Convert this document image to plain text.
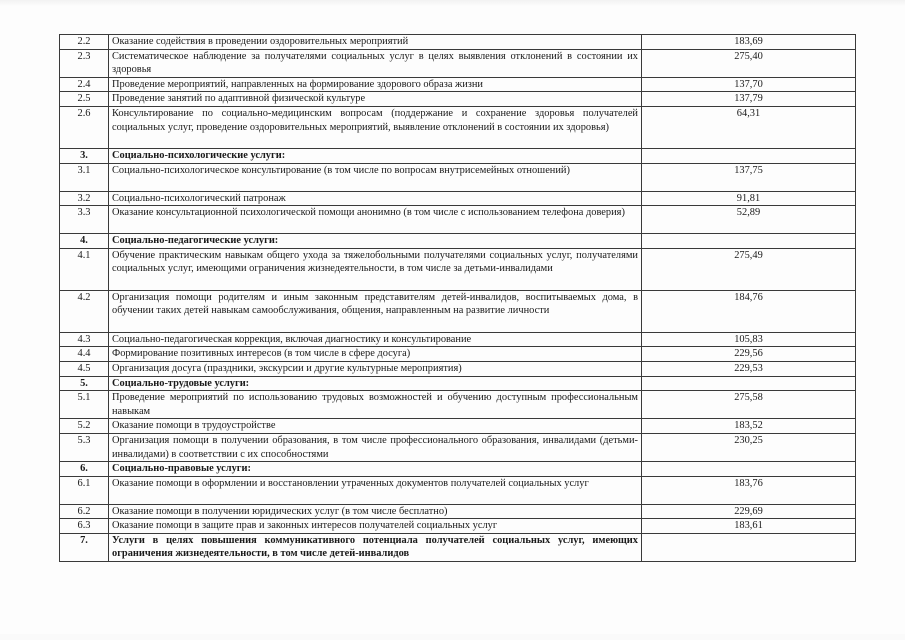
2.2	Оказание содействия в проведении оздоровительных мероприятий	183,69
2.3	Систематическое наблюдение за получателями социальных услуг в целях выявления отклонений в состоянии их здоровья	275,40
2.4	Проведение мероприятий, направленных на формирование здорового образа жизни	137,70
2.5	Проведение занятий по адаптивной физической культуре	137,79
2.6	Консультирование по социально-медицинским вопросам (поддержание и сохранение здоровья получателей социальных услуг, проведение оздоровительных мероприятий, выявление отклонений в состоянии их здоровья)	64,31
3.	Социально-психологические услуги:	
3.1	Социально-психологическое консультирование (в том числе по вопросам внутрисемейных отношений)	137,75
3.2	Социально-психологический патронаж	91,81
3.3	Оказание консультационной психологической помощи анонимно (в том числе с использованием телефона доверия)	52,89
4.	Социально-педагогические услуги:	
4.1	Обучение практическим навыкам общего ухода за тяжелобольными получателями социальных услуг, получателями социальных услуг, имеющими ограничения жизнедеятельности, в том числе за детьми-инвалидами	275,49
4.2	Организация помощи родителям и иным законным представителям детей-инвалидов, воспитываемых дома, в обучении таких детей навыкам самообслуживания, общения, направленным на развитие личности	184,76
4.3	Социально-педагогическая коррекция, включая диагностику и консультирование	105,83
4.4	Формирование позитивных интересов (в том числе в сфере досуга)	229,56
4.5	Организация досуга (праздники, экскурсии и другие культурные мероприятия)	229,53
5.	Социально-трудовые услуги:	
5.1	Проведение мероприятий по использованию трудовых возможностей и обучению доступным профессиональным навыкам	275,58
5.2	Оказание помощи в трудоустройстве	183,52
5.3	Организация помощи в получении образования, в том числе профессионального образования, инвалидами (детьми-инвалидами) в соответствии с их способностями	230,25
6.	Социально-правовые услуги:	
6.1	Оказание помощи в оформлении и восстановлении утраченных документов получателей социальных услуг	183,76
6.2	Оказание помощи в получении юридических услуг (в том числе бесплатно)	229,69
6.3	Оказание помощи в защите прав и законных интересов получателей социальных услуг	183,61
7.	Услуги в целях повышения коммуникативного потенциала получателей социальных услуг, имеющих ограничения жизнедеятельности, в том числе детей-инвалидов	
